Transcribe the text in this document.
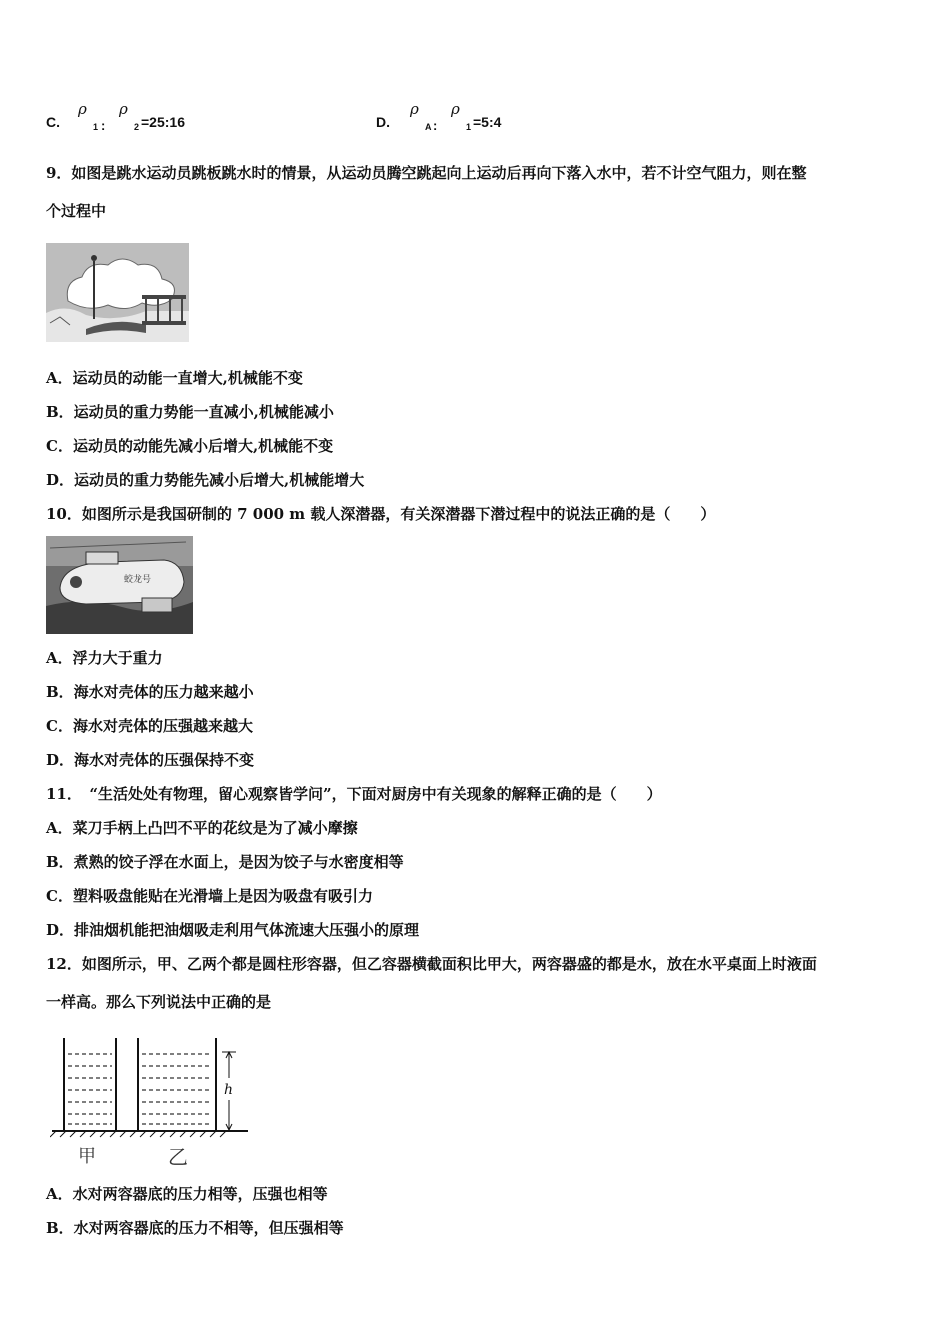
C.
ρ
1 :
ρ
2 =25:16	D.
ρ
A :
ρ
1 =5:4
9．如图是跳水运动员跳板跳水时的情景，从运动员腾空跳起向上运动后再向下落入水中，若不计空气阻力，则在整
个过程中
A．运动员的动能一直增大,机械能不变
B．运动员的重力势能一直减小,机械能减小
C．运动员的动能先减小后增大,机械能不变
D．运动员的重力势能先减小后增大,机械能增大
10．如图所示是我国研制的 7 000 m 载人深潜器，有关深潜器下潜过程中的说法正确的是（　　）
蛟龙号
A．浮力大于重力
B．海水对壳体的压力越来越小
C．海水对壳体的压强越来越大
D．海水对壳体的压强保持不变
11．　“生活处处有物理，留心观察皆学问”，下面对厨房中有关现象的解释正确的是（　　）
A．菜刀手柄上凸凹不平的花纹是为了减小摩擦
B．煮熟的饺子浮在水面上，是因为饺子与水密度相等
C．塑料吸盘能贴在光滑墙上是因为吸盘有吸引力
D．排油烟机能把油烟吸走利用气体流速大压强小的原理
12．如图所示，甲、乙两个都是圆柱形容器，但乙容器横截面积比甲大，两容器盛的都是水，放在水平桌面上时液面
一样高。那么下列说法中正确的是
h
甲	乙
A．水对两容器底的压力相等，压强也相等
B．水对两容器底的压力不相等，但压强相等
